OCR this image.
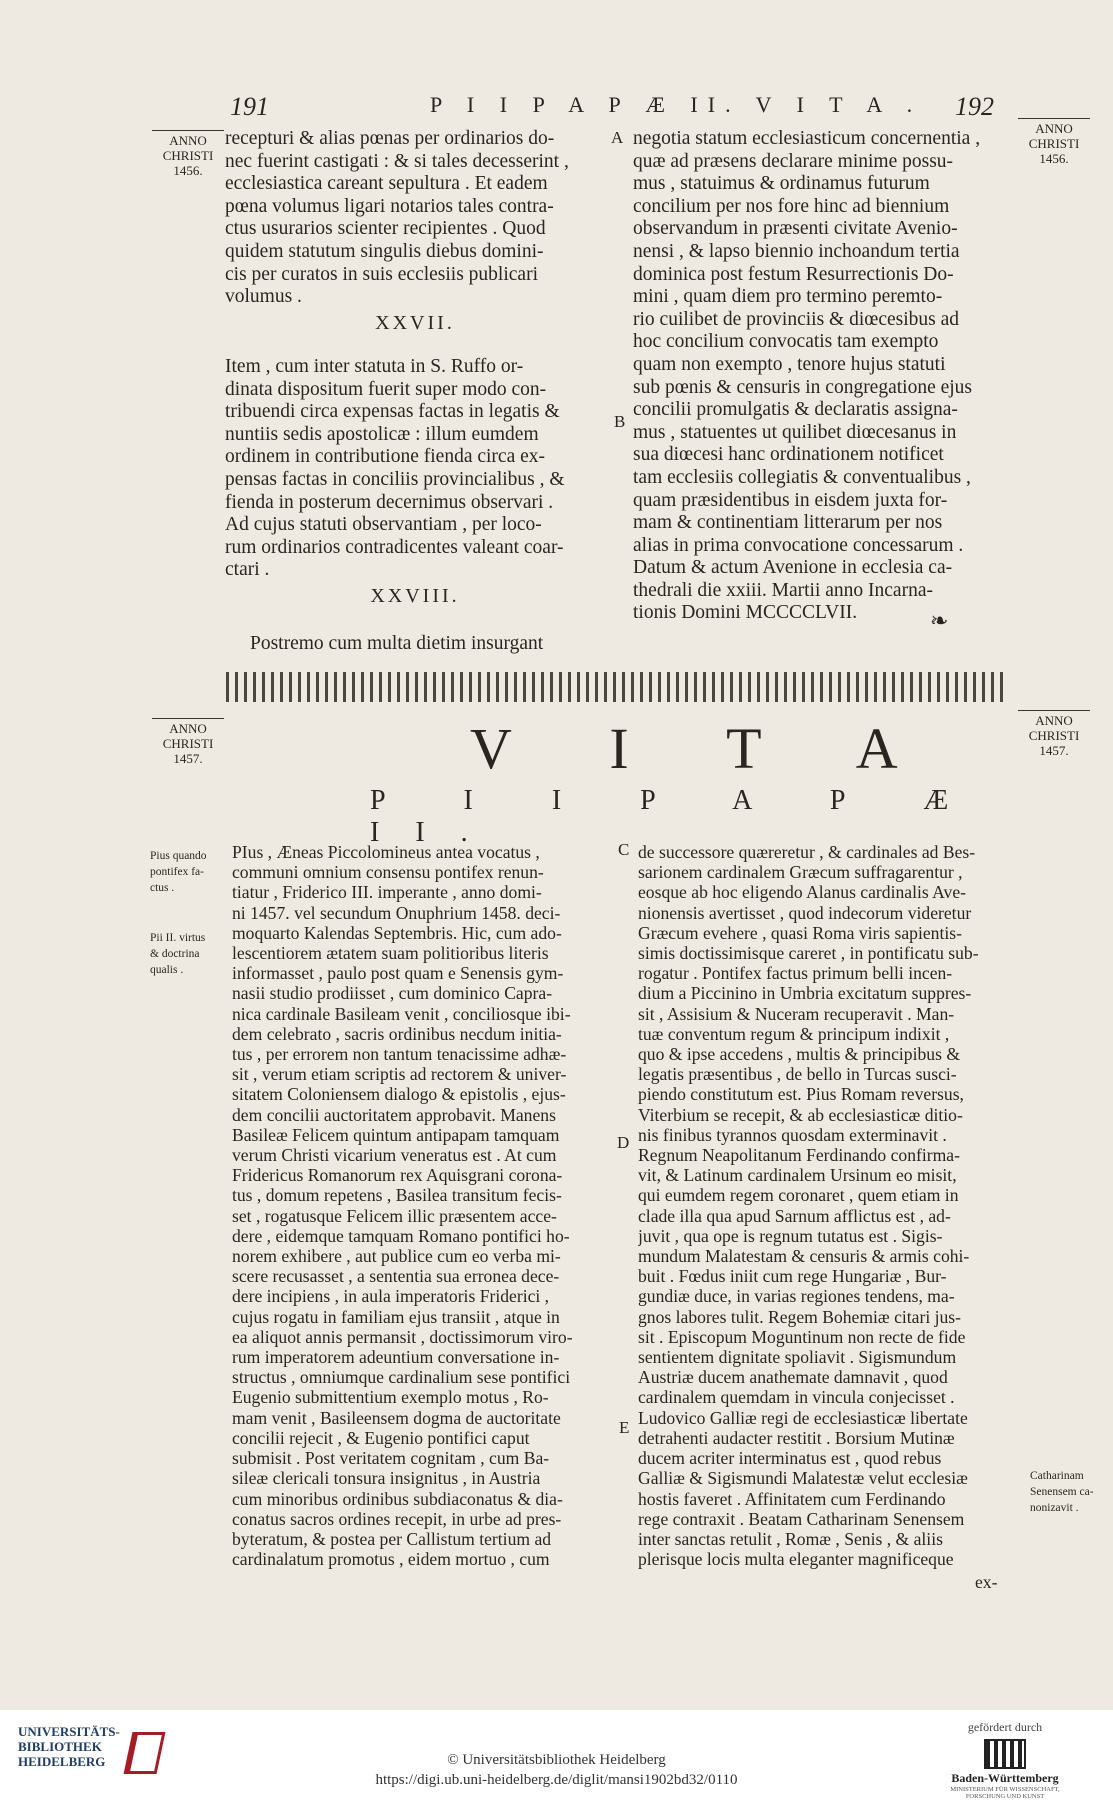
191	P I I P A P Æ II. V I T A . 192
ANNO
CHRISTI
1456.
ANNO
CHRISTI
1456.
A
B
C
D
E
recepturi & alias pœnas per ordinarios do-
nec fuerint castigati : & si tales decesserint ,
ecclesiastica careant sepultura . Et eadem
pœna volumus ligari notarios tales contra-
ctus usurarios scienter recipientes . Quod
quidem statutum singulis diebus domini-
cis per curatos in suis ecclesiis publicari
volumus .
XXVII.
Item , cum inter statuta in S. Ruffo or-
dinata dispositum fuerit super modo con-
tribuendi circa expensas factas in legatis &
nuntiis sedis apostolicæ : illum eumdem
ordinem in contributione fienda circa ex-
pensas factas in conciliis provincialibus , &
fienda in posterum decernimus observari .
Ad cujus statuti observantiam , per loco-
rum ordinarios contradicentes valeant coar-
ctari .
XXVIII.
Postremo cum multa dietim insurgant
negotia statum ecclesiasticum concernentia ,
quæ ad præsens declarare minime possu-
mus , statuimus & ordinamus futurum
concilium per nos fore hinc ad biennium
observandum in præsenti civitate Avenio-
nensi , & lapso biennio inchoandum tertia
dominica post festum Resurrectionis Do-
mini , quam diem pro termino peremto-
rio cuilibet de provinciis & diœcesibus ad
hoc concilium convocatis tam exempto
quam non exempto , tenore hujus statuti
sub pœnis & censuris in congregatione ejus
concilii promulgatis & declaratis assigna-
mus , statuentes ut quilibet diœcesanus in
sua diœcesi hanc ordinationem notificet
tam ecclesiis collegiatis & conventualibus ,
quam præsidentibus in eisdem juxta for-
mam & continentiam litterarum per nos
alias in prima convocatione concessarum .
Datum & actum Avenione in ecclesia ca-
thedrali die xxiii. Martii anno Incarna-
tionis Domini MCCCCLVII.	❧
ANNO
CHRISTI
1457.
ANNO
CHRISTI
1457.
V I T A
P I I P A P Æ II.
Pius quando
pontifex fa-
ctus .
Pii II. virtus
& doctrina
qualis .
Catharinam
Senensem ca-
nonizavit .
PIus , Æneas Piccolomineus antea vocatus ,
communi omnium consensu pontifex renun-
tiatur , Friderico III. imperante , anno domi-
ni 1457. vel secundum Onuphrium 1458. deci-
moquarto Kalendas Septembris. Hic, cum ado-
lescentiorem ætatem suam politioribus literis
informasset , paulo post quam e Senensis gym-
nasii studio prodiisset , cum dominico Capra-
nica cardinale Basileam venit , conciliosque ibi-
dem celebrato , sacris ordinibus necdum initia-
tus , per errorem non tantum tenacissime adhæ-
sit , verum etiam scriptis ad rectorem & univer-
sitatem Coloniensem dialogo & epistolis , ejus-
dem concilii auctoritatem approbavit. Manens
Basileæ Felicem quintum antipapam tamquam
verum Christi vicarium veneratus est . At cum
Fridericus Romanorum rex Aquisgrani corona-
tus , domum repetens , Basilea transitum fecis-
set , rogatusque Felicem illic præsentem acce-
dere , eidemque tamquam Romano pontifici ho-
norem exhibere , aut publice cum eo verba mi-
scere recusasset , a sententia sua erronea dece-
dere incipiens , in aula imperatoris Friderici ,
cujus rogatu in familiam ejus transiit , atque in
ea aliquot annis permansit , doctissimorum viro-
rum imperatorem adeuntium conversatione in-
structus , omniumque cardinalium sese pontifici
Eugenio submittentium exemplo motus , Ro-
mam venit , Basileensem dogma de auctoritate
concilii rejecit , & Eugenio pontifici caput
submisit . Post veritatem cognitam , cum Ba-
sileæ clericali tonsura insignitus , in Austria
cum minoribus ordinibus subdiaconatus & dia-
conatus sacros ordines recepit, in urbe ad pres-
byteratum, & postea per Callistum tertium ad
cardinalatum promotus , eidem mortuo , cum
de successore quæreretur , & cardinales ad Bes-
sarionem cardinalem Græcum suffragarentur ,
eosque ab hoc eligendo Alanus cardinalis Ave-
nionensis avertisset , quod indecorum videretur
Græcum evehere , quasi Roma viris sapientis-
simis doctissimisque careret , in pontificatu sub-
rogatur . Pontifex factus primum belli incen-
dium a Piccinino in Umbria excitatum suppres-
sit , Assisium & Nuceram recuperavit . Man-
tuæ conventum regum & principum indixit ,
quo & ipse accedens , multis & principibus &
legatis præsentibus , de bello in Turcas susci-
piendo constitutum est. Pius Romam reversus,
Viterbium se recepit, & ab ecclesiasticæ ditio-
nis finibus tyrannos quosdam exterminavit .
Regnum Neapolitanum Ferdinando confirma-
vit, & Latinum cardinalem Ursinum eo misit,
qui eumdem regem coronaret , quem etiam in
clade illa qua apud Sarnum afflictus est , ad-
juvit , qua ope is regnum tutatus est . Sigis-
mundum Malatestam & censuris & armis cohi-
buit . Fœdus iniit cum rege Hungariæ , Bur-
gundiæ duce, in varias regiones tendens, ma-
gnos labores tulit. Regem Bohemiæ citari jus-
sit . Episcopum Moguntinum non recte de fide
sentientem dignitate spoliavit . Sigismundum
Austriæ ducem anathemate damnavit , quod
cardinalem quemdam in vincula conjecisset .
Ludovico Galliæ regi de ecclesiasticæ libertate
detrahenti audacter restitit . Borsium Mutinæ
ducem acriter interminatus est , quod rebus
Galliæ & Sigismundi Malatestæ velut ecclesiæ
hostis faveret . Affinitatem cum Ferdinando
rege contraxit . Beatam Catharinam Senensem
inter sanctas retulit , Romæ , Senis , & aliis
plerisque locis multa eleganter magnificeque
ex-
UNIVERSITÄTS-
BIBLIOTHEK
HEIDELBERG	© Universitätsbibliothek Heidelberg
https://digi.ub.uni-heidelberg.de/diglit/mansi1902bd32/0110
gefördert durch
Baden-Württemberg
MINISTERIUM FÜR WISSENSCHAFT, FORSCHUNG UND KUNST
